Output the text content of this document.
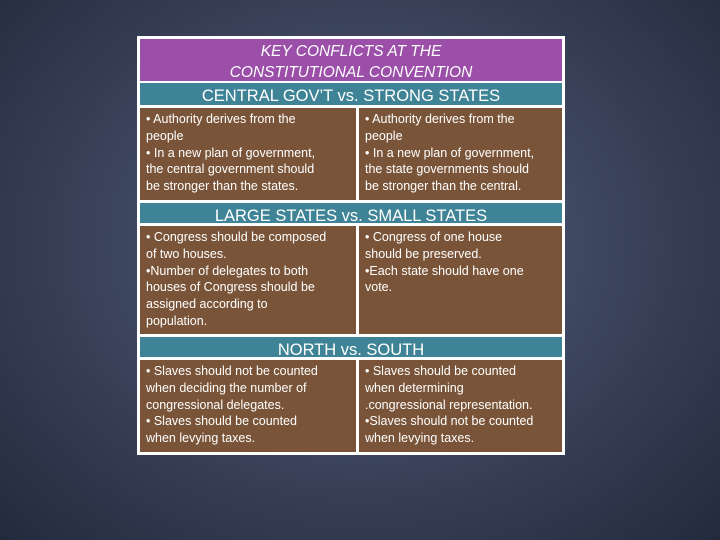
KEY CONFLICTS AT THE
CONSTITUTIONAL CONVENTION
CENTRAL GOV’T vs. STRONG STATES
• Authority derives from the
people
• In a new plan of government,
the central government should
be stronger than the states.
• Authority derives from the
people
• In a new plan of government,
the state governments should
be stronger than the central.
LARGE STATES vs. SMALL STATES
• Congress should be composed
of two houses.
•Number of delegates to both
houses of Congress should be
assigned according to
population.
• Congress of one house
should be preserved.
•Each state should have one
vote.
NORTH vs. SOUTH
• Slaves should not be counted
when deciding the number of
congressional delegates.
• Slaves should be counted
when levying taxes.
• Slaves should be counted
when determining
.congressional representation.
•Slaves should not be counted
when levying taxes.
